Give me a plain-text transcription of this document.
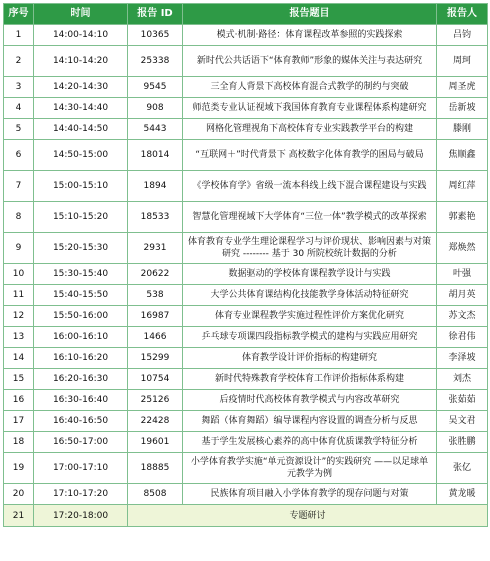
序号	时间	报告 ID	报告题目	报告人
1	14:00-14:10	10365	模式·机制·路径：体育课程改革参照的实践探索	吕钧
2	14:10-14:20	25338	新时代公共话语下“体育教师”形象的媒体关注与表达研究	周珂
3	14:20-14:30	9545	三全育人背景下高校体育混合式教学的制约与突破	周圣虎
4	14:30-14:40	908	师范类专业认证视域下我国体育教育专业课程体系构建研究	岳新坡
5	14:40-14:50	5443	网格化管理视角下高校体育专业实践教学平台的构建	滕刚
6	14:50-15:00	18014	“互联网＋”时代背景下 高校数字化体育教学的困局与破局	焦顺鑫
7	15:00-15:10	1894	《学校体育学》省级一流本科线上线下混合课程建设与实践	周红萍
8	15:10-15:20	18533	智慧化管理视域下大学体育“三位一体”教学模式的改革探索	郭素艳
9	15:20-15:30	2931	体育教育专业学生理论课程学习与评价现状、影响因素与对策研究 -------- 基于 30 所院校统计数据的分析	郑焕然
10	15:30-15:40	20622	数据驱动的学校体育课程教学设计与实践	叶强
11	15:40-15:50	538	大学公共体育课结构化技能教学身体活动特征研究	胡月英
12	15:50-16:00	16987	体育专业课程教学实施过程性评价方案优化研究	苏文杰
13	16:00-16:10	1466	乒乓球专项课四段指标教学模式的建构与实践应用研究	徐君伟
14	16:10-16:20	15299	体育教学设计评价指标的构建研究	李泽坡
15	16:20-16:30	10754	新时代特殊教育学校体育工作评价指标体系构建	刘杰
16	16:30-16:40	25126	后疫情时代高校体育教学模式与内容改革研究	张茹茹
17	16:40-16:50	22428	舞蹈（体育舞蹈）编导课程内容设置的调查分析与反思	吴文君
18	16:50-17:00	19601	基于学生发展核心素养的高中体育优质课教学特征分析	张胜鹏
19	17:00-17:10	18885	小学体育教学实施“单元资源设计”的实践研究 ——以足球单元教学为例	张亿
20	17:10-17:20	8508	民族体育项目融入小学体育教学的现存问题与对策	黄龙暖
21	17:20-18:00	专题研讨		
